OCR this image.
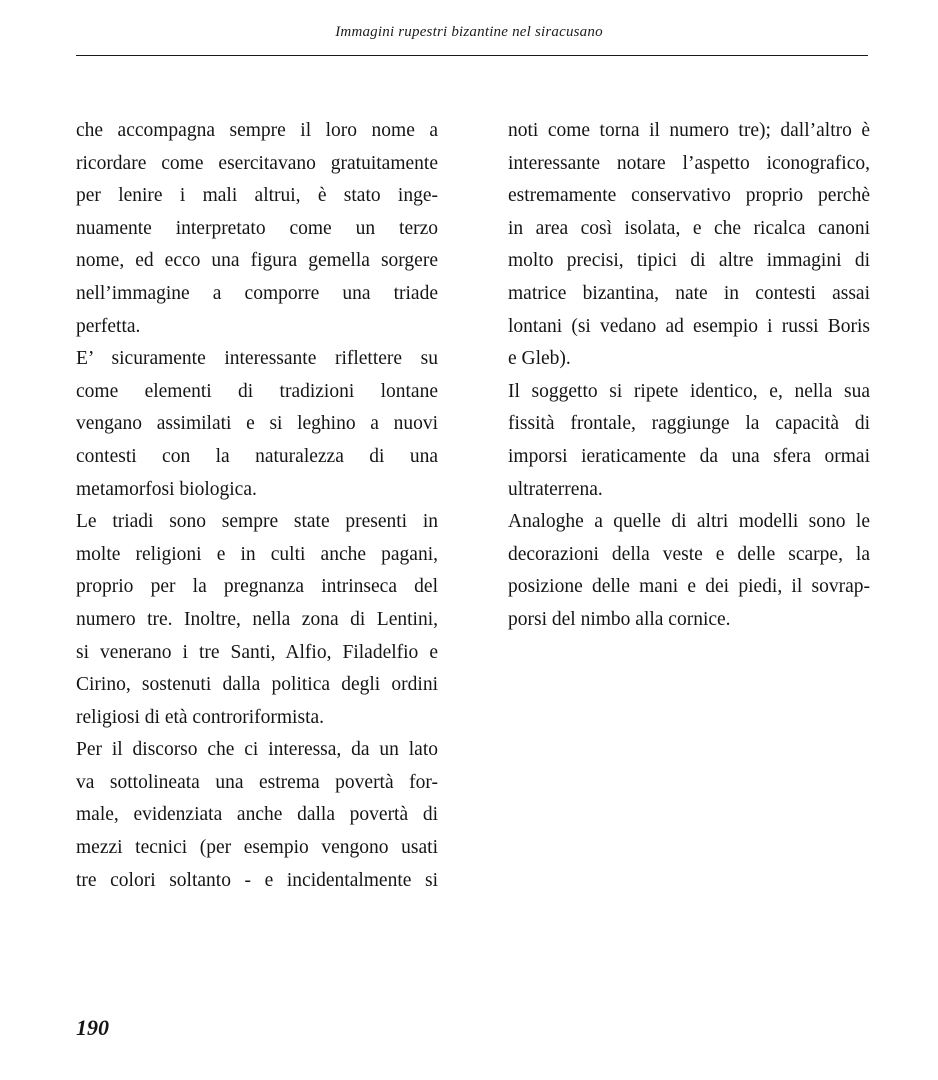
Immagini rupestri bizantine nel siracusano
che accompagna sempre il loro nome a
ricordare come esercitavano gratuitamente
per lenire i mali altrui, è stato inge-
nuamente interpretato come un terzo
nome, ed ecco una figura gemella sorgere
nell’immagine a comporre una triade
perfetta.
E’ sicuramente interessante riflettere su
come elementi di tradizioni lontane
vengano assimilati e si leghino a nuovi
contesti con la naturalezza di una
metamorfosi biologica.
Le triadi sono sempre state presenti in
molte religioni e in culti anche pagani,
proprio per la pregnanza intrinseca del
numero tre. Inoltre, nella zona di Lentini,
si venerano i tre Santi, Alfio, Filadelfio e
Cirino, sostenuti dalla politica degli ordini
religiosi di età controriformista.
Per il discorso che ci interessa, da un lato
va sottolineata una estrema povertà for-
male, evidenziata anche dalla povertà di
mezzi tecnici (per esempio vengono usati
tre colori soltanto - e incidentalmente si
noti come torna il numero tre); dall’altro è
interessante notare l’aspetto iconografico,
estremamente conservativo proprio perchè
in area così isolata, e che ricalca canoni
molto precisi, tipici di altre immagini di
matrice bizantina, nate in contesti assai
lontani (si vedano ad esempio i russi Boris
e Gleb).
Il soggetto si ripete identico, e, nella sua
fissità frontale, raggiunge la capacità di
imporsi ieraticamente da una sfera ormai
ultraterrena.
Analoghe a quelle di altri modelli sono le
decorazioni della veste e delle scarpe, la
posizione delle mani e dei piedi, il sovrap-
porsi del nimbo alla cornice.
190
